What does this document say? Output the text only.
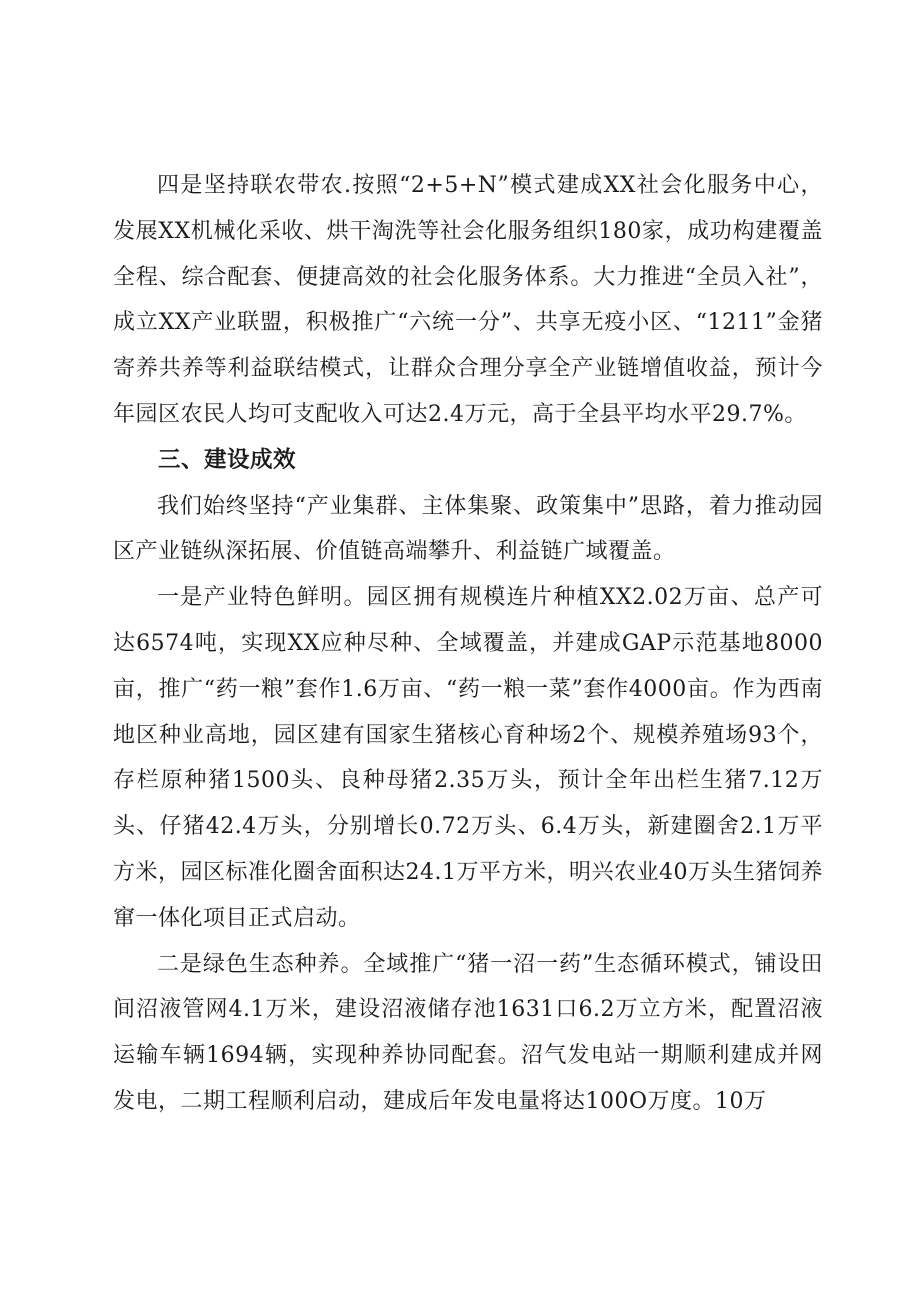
四是坚持联农带农.按照“2+5+N”模式建成XX社会化服务中心，发展XX机械化采收、烘干淘洗等社会化服务组织180家，成功构建覆盖全程、综合配套、便捷高效的社会化服务体系。大力推进“全员入社”，成立XX产业联盟，积极推广“六统一分”、共享无疫小区、“1211”金猪寄养共养等利益联结模式，让群众合理分享全产业链增值收益，预计今年园区农民人均可支配收入可达2.4万元，高于全县平均水平29.7%。

三、建设成效

我们始终坚持“产业集群、主体集聚、政策集中”思路，着力推动园区产业链纵深拓展、价值链高端攀升、利益链广域覆盖。

一是产业特色鲜明。园区拥有规模连片种植XX2.02万亩、总产可达6574吨，实现XX应种尽种、全域覆盖，并建成GAP示范基地8000亩，推广“药一粮”套作1.6万亩、“药一粮一菜”套作4000亩。作为西南地区种业高地，园区建有国家生猪核心育种场2个、规模养殖场93个，存栏原种猪1500头、良种母猪2.35万头，预计全年出栏生猪7.12万头、仔猪42.4万头，分别增长0.72万头、6.4万头，新建圈舍2.1万平方米，园区标准化圈舍面积达24.1万平方米，明兴农业40万头生猪饲养窜一体化项目正式启动。

二是绿色生态种养。全域推广“猪一沼一药”生态循环模式，铺设田间沼液管网4.1万米，建设沼液储存池1631口6.2万立方米，配置沼液运输车辆1694辆，实现种养协同配套。沼气发电站一期顺利建成并网发电，二期工程顺利启动，建成后年发电量将达100O万度。10万
